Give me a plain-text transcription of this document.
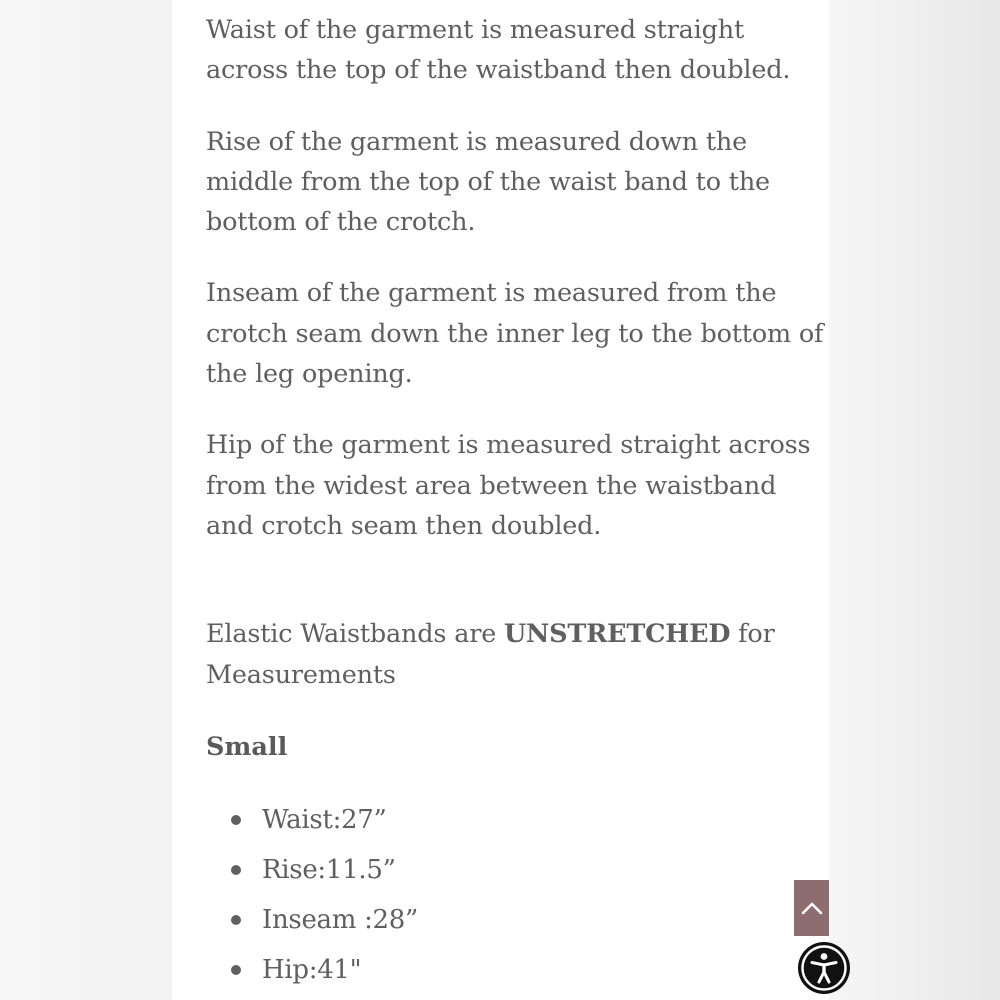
Waist of the garment is measured straight across the top of the waistband then doubled.

Rise of the garment is measured down the middle from the top of the waist band to the bottom of the crotch.

Inseam of the garment is measured from the crotch seam down the inner leg to the bottom of the leg opening.

Hip of the garment is measured straight across from the widest area between the waistband and crotch seam then doubled.

Elastic Waistbands are UNSTRETCHED for Measurements

Small
Waist:27”
Rise:11.5”
Inseam :28”
Hip:41"
